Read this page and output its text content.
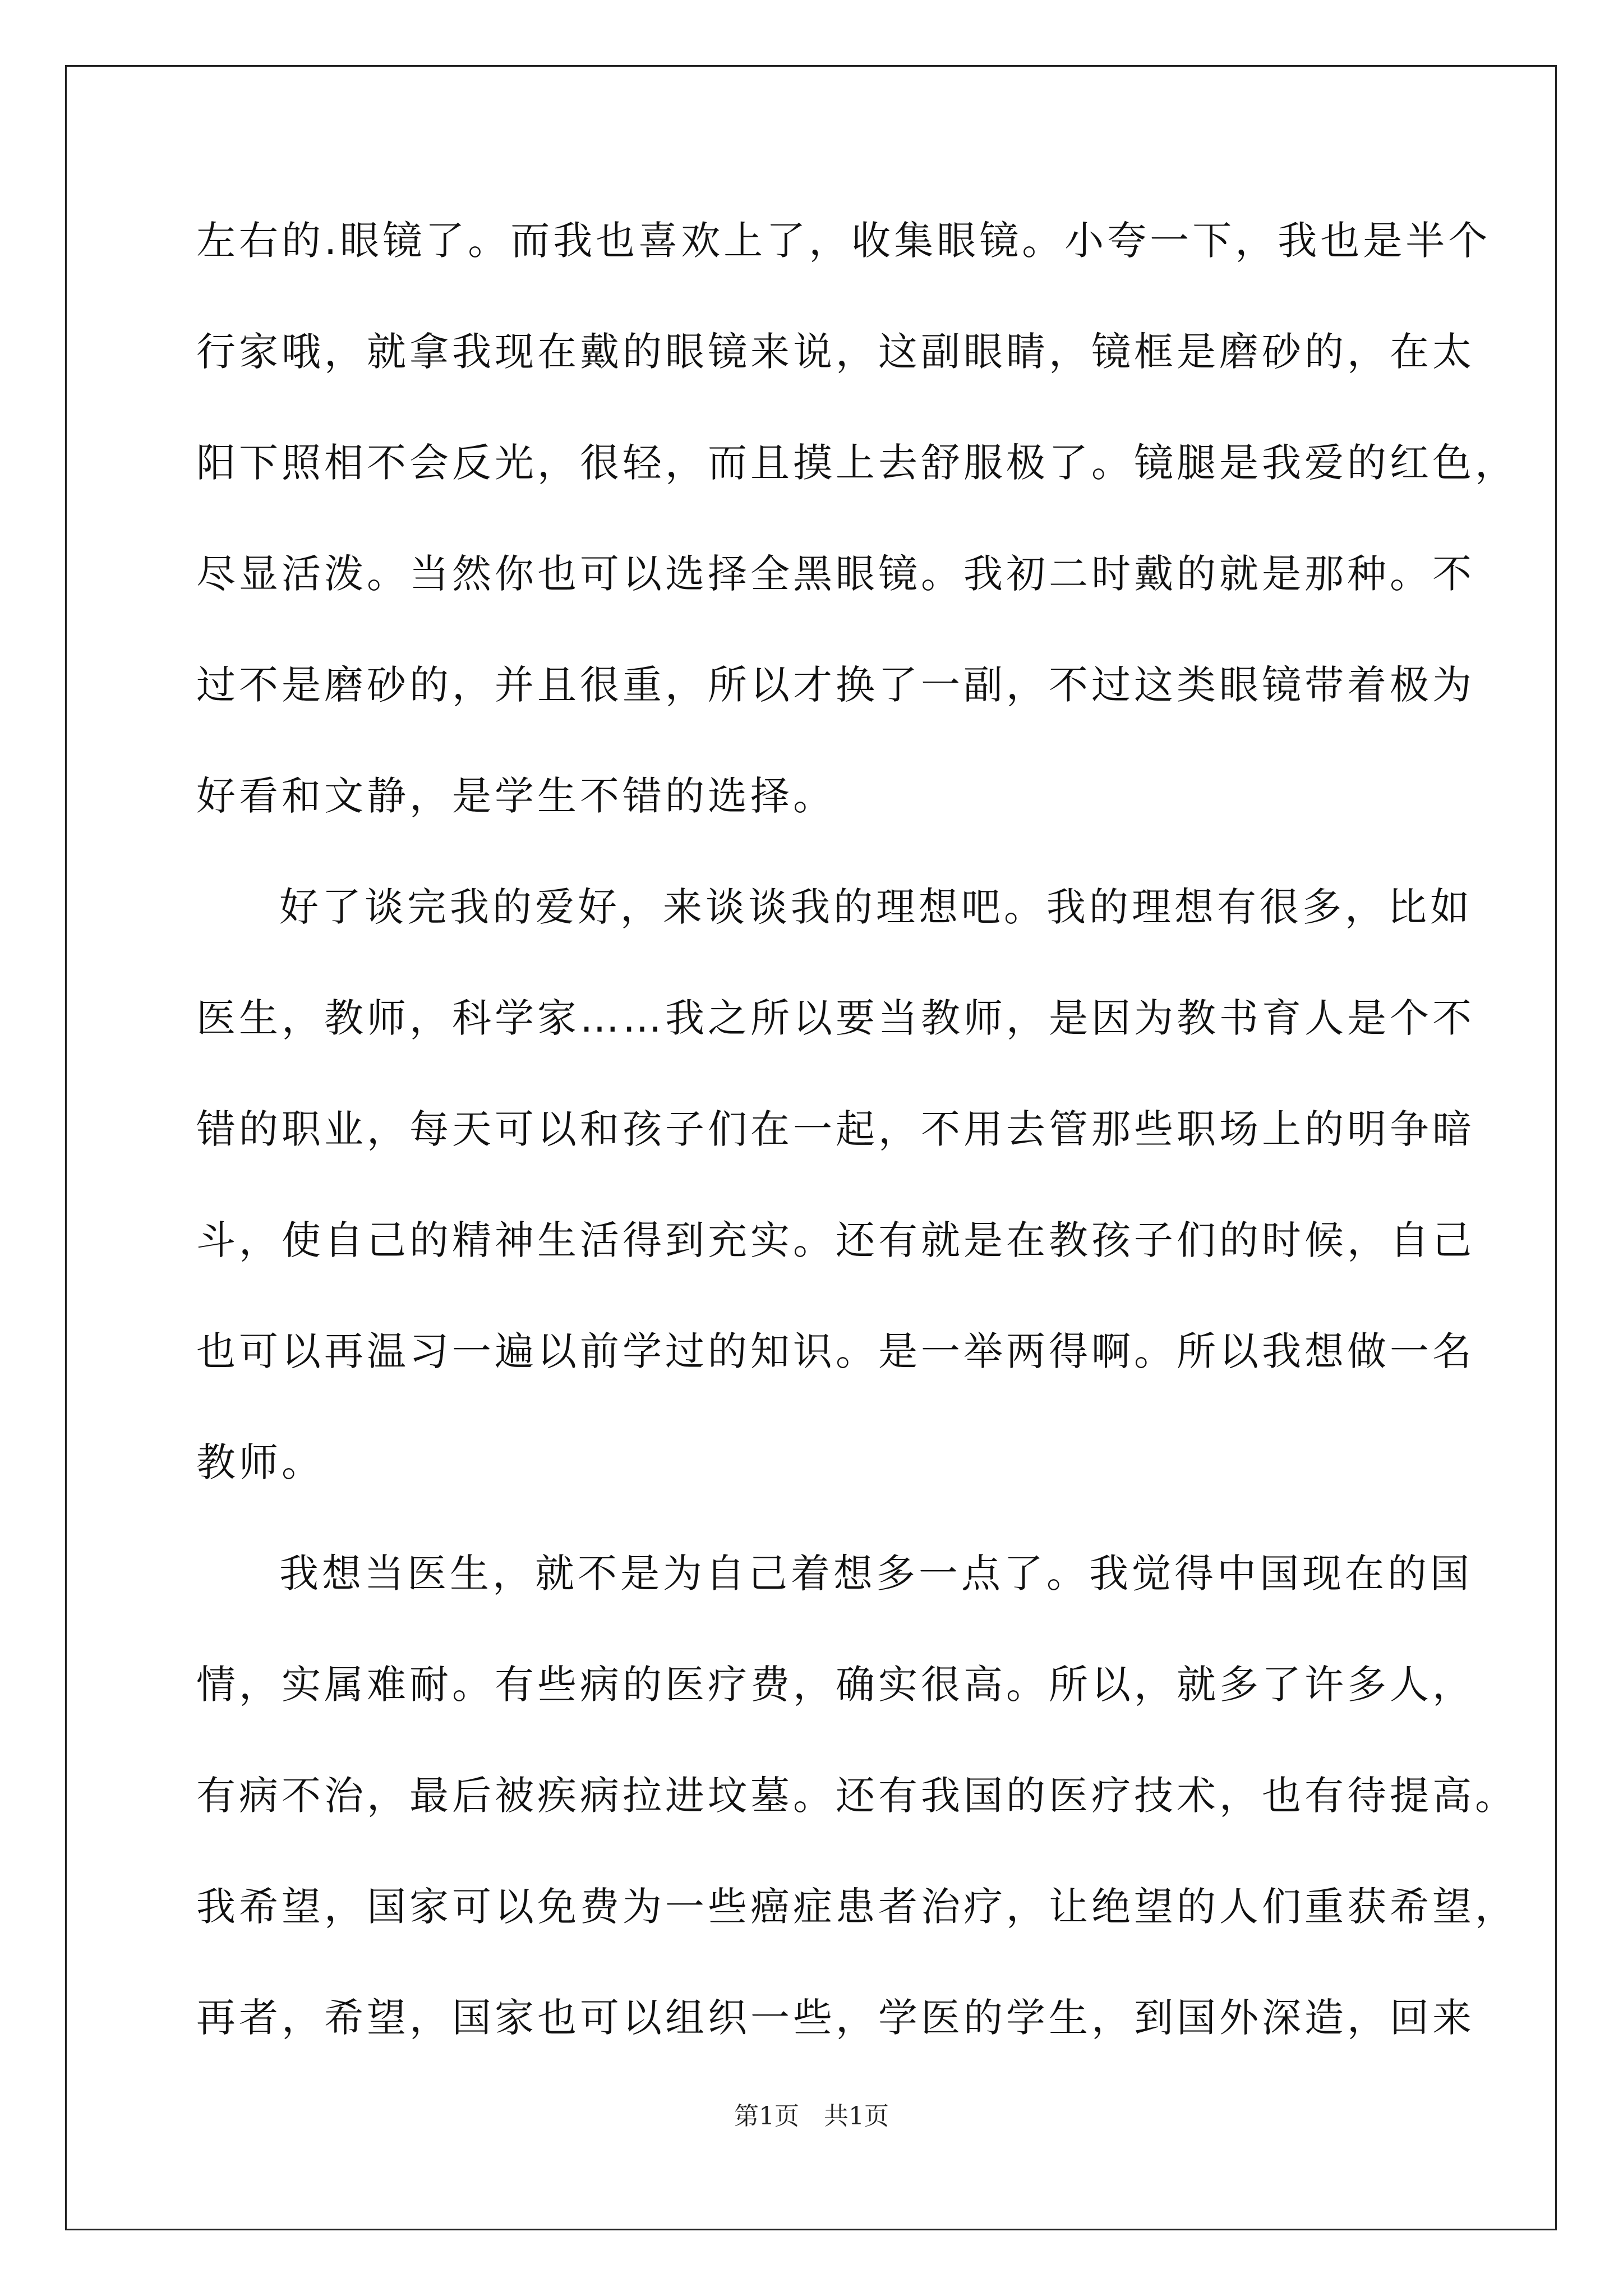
左右的.眼镜了。而我也喜欢上了，收集眼镜。小夸一下，我也是半个
行家哦，就拿我现在戴的眼镜来说，这副眼睛，镜框是磨砂的，在太
阳下照相不会反光，很轻，而且摸上去舒服极了。镜腿是我爱的红色，
尽显活泼。当然你也可以选择全黑眼镜。我初二时戴的就是那种。不
过不是磨砂的，并且很重，所以才换了一副，不过这类眼镜带着极为
好看和文静，是学生不错的选择。
好了谈完我的爱好，来谈谈我的理想吧。我的理想有很多，比如
医生，教师，科学家……我之所以要当教师，是因为教书育人是个不
错的职业，每天可以和孩子们在一起，不用去管那些职场上的明争暗
斗，使自己的精神生活得到充实。还有就是在教孩子们的时候，自己
也可以再温习一遍以前学过的知识。是一举两得啊。所以我想做一名
教师。
我想当医生，就不是为自己着想多一点了。我觉得中国现在的国
情，实属难耐。有些病的医疗费，确实很高。所以，就多了许多人，
有病不治，最后被疾病拉进坟墓。还有我国的医疗技术，也有待提高。
我希望，国家可以免费为一些癌症患者治疗，让绝望的人们重获希望，
再者，希望，国家也可以组织一些，学医的学生，到国外深造，回来
第1页 共1页
